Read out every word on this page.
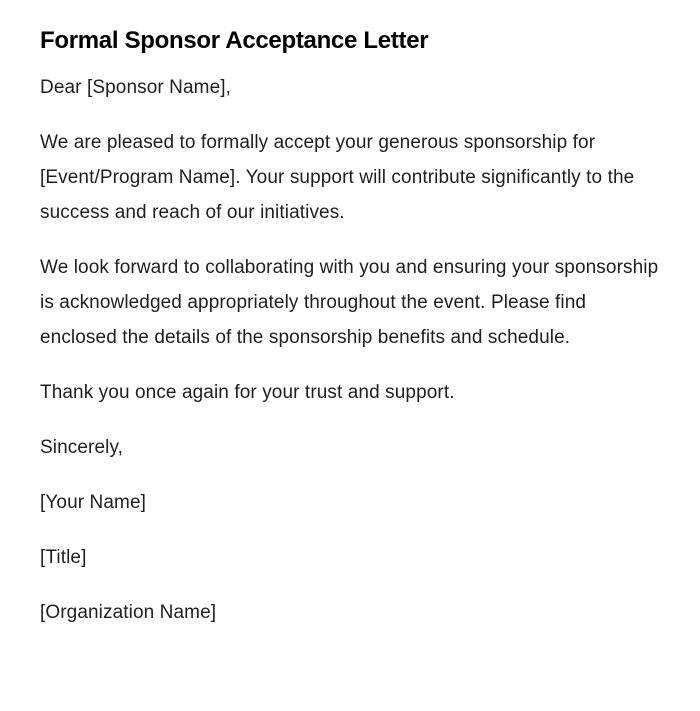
Formal Sponsor Acceptance Letter

Dear [Sponsor Name],

We are pleased to formally accept your generous sponsorship for [Event/Program Name]. Your support will contribute significantly to the success and reach of our initiatives.

We look forward to collaborating with you and ensuring your sponsorship is acknowledged appropriately throughout the event. Please find enclosed the details of the sponsorship benefits and schedule.

Thank you once again for your trust and support.

Sincerely,

[Your Name]

[Title]

[Organization Name]
